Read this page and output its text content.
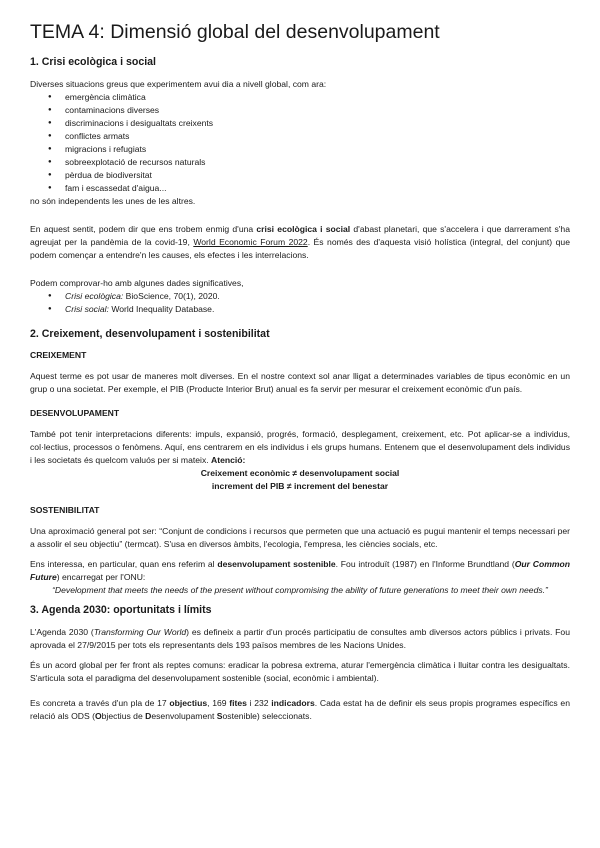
TEMA 4: Dimensió global del desenvolupament
1. Crisi ecològica i social

Diverses situacions greus que experimentem avui dia a nivell global, com ara:

● emergència climàtica
● contaminacions diverses
● discriminacions i desigualtats creixents
● conflictes armats
● migracions i refugiats
● sobreexplotació de recursos naturals
● pèrdua de biodiversitat
● fam i escassedat d'aigua...

no són independents les unes de les altres.

En aquest sentit, podem dir que ens trobem enmig d'una crisi ecològica i social d'abast planetari, que s'accelera i que darrerament s'ha agreujat per la pandèmia de la covid-19, World Economic Forum 2022. És només des d'aquesta visió holística (integral, del conjunt) que podem començar a entendre'n les causes, els efectes i les interrelacions.

Podem comprovar-ho amb algunes dades significatives,

● Crisi ecològica: BioScience, 70(1), 2020.
● Crisi social: World Inequality Database.
2. Creixement, desenvolupament i sostenibilitat
CREIXEMENT

Aquest terme es pot usar de maneres molt diverses. En el nostre context sol anar lligat a determinades variables de tipus econòmic en un grup o una societat. Per exemple, el PIB (Producte Interior Brut) anual es fa servir per mesurar el creixement econòmic d'un país.

DESENVOLUPAMENT

També pot tenir interpretacions diferents: impuls, expansió, progrés, formació, desplegament, creixement, etc. Pot aplicar-se a individus, col·lectius, processos o fenòmens. Aquí, ens centrarem en els individus i els grups humans. Entenem que el desenvolupament dels individus i les societats és quelcom valuós per si mateix. Atenció:

Creixement econòmic ≠ desenvolupament social

increment del PIB ≠ increment del benestar

SOSTENIBILITAT

Una aproximació general pot ser: “Conjunt de condicions i recursos que permeten que una actuació es pugui mantenir el temps necessari per a assolir el seu objectiu” (termcat). S'usa en diversos àmbits, l'ecologia, l'empresa, les ciències socials, etc.

Ens interessa, en particular, quan ens referim al desenvolupament sostenible. Fou introduït (1987) en l'Informe Brundtland (Our Common Future) encarregat per l'ONU:

“Development that meets the needs of the present without compromising the ability of future generations to meet their own needs.”

3. Agenda 2030: oportunitats i límits

L'Agenda 2030 (Transforming Our World) es defineix a partir d'un procés participatiu de consultes amb diversos actors públics i privats. Fou aprovada el 27/9/2015 per tots els representants dels 193 països membres de les Nacions Unides.

És un acord global per fer front als reptes comuns: eradicar la pobresa extrema, aturar l'emergència climàtica i lluitar contra les desigualtats. S'articula sota el paradigma del desenvolupament sostenible (social, econòmic i ambiental).

Es concreta a través d'un pla de 17 objectius, 169 fites i 232 indicadors. Cada estat ha de definir els seus propis programes específics en relació als ODS (Objectius de Desenvolupament Sostenible) seleccionats.
